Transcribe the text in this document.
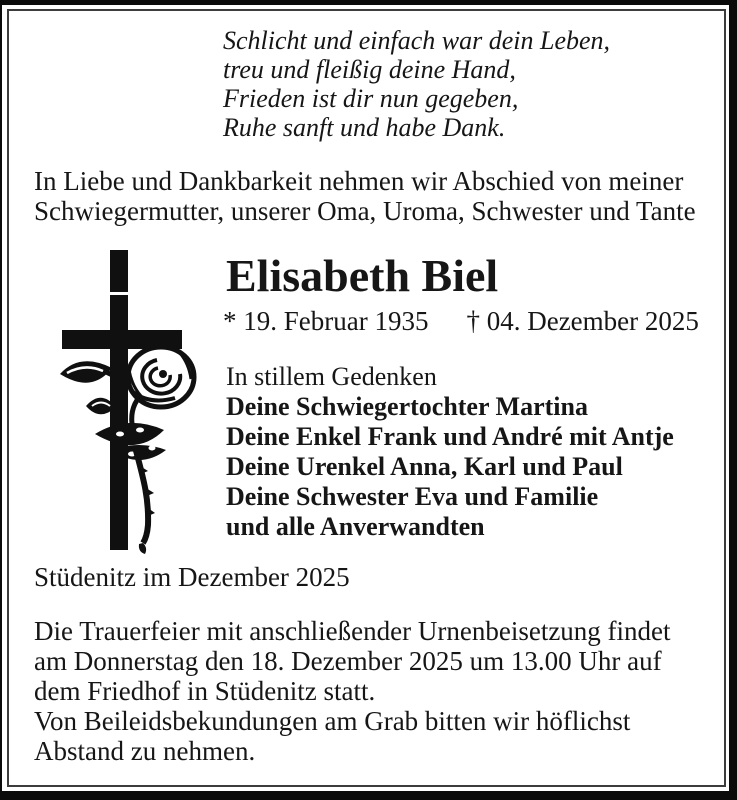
Schlicht und einfach war dein Leben,
treu und fleißig deine Hand,
Frieden ist dir nun gegeben,
Ruhe sanft und habe Dank.
In Liebe und Dankbarkeit nehmen wir Abschied von meiner
Schwiegermutter, unserer Oma, Uroma, Schwester und Tante
Elisabeth Biel
* 19. Februar 1935 † 04. Dezember 2025
In stillem Gedenken
Deine Schwiegertochter Martina
Deine Enkel Frank und André mit Antje
Deine Urenkel Anna, Karl und Paul
Deine Schwester Eva und Familie
und alle Anverwandten
Stüdenitz im Dezember 2025
Die Trauerfeier mit anschließender Urnenbeisetzung findet
am Donnerstag den 18. Dezember 2025 um 13.00 Uhr auf
dem Friedhof in Stüdenitz statt.
Von Beileidsbekundungen am Grab bitten wir höflichst
Abstand zu nehmen.
